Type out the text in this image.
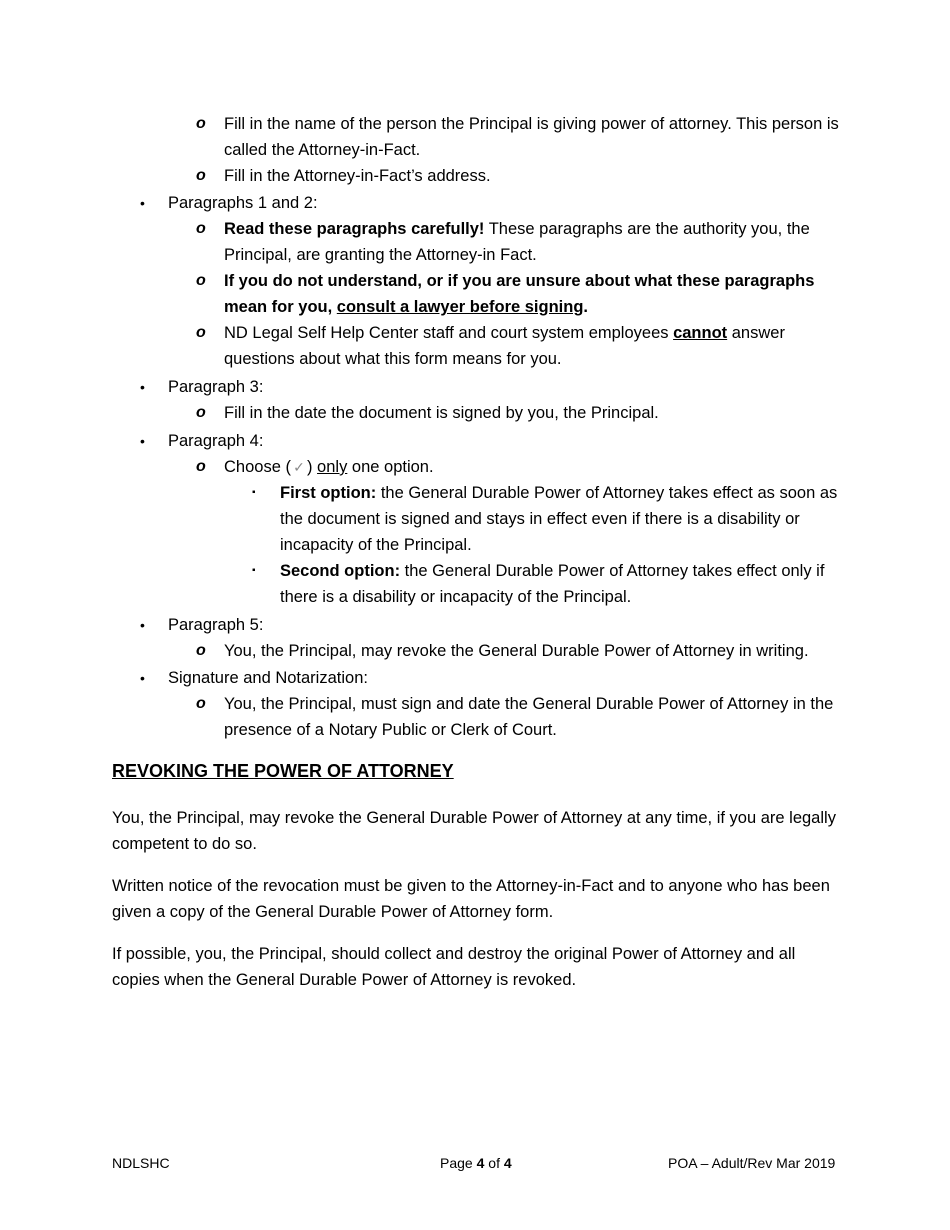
o Fill in the name of the person the Principal is giving power of attorney. This person is called the Attorney-in-Fact.
o Fill in the Attorney-in-Fact’s address.
• Paragraphs 1 and 2:
o Read these paragraphs carefully! These paragraphs are the authority you, the Principal, are granting the Attorney-in Fact.
o If you do not understand, or if you are unsure about what these paragraphs mean for you, consult a lawyer before signing.
o ND Legal Self Help Center staff and court system employees cannot answer questions about what this form means for you.
• Paragraph 3:
o Fill in the date the document is signed by you, the Principal.
• Paragraph 4:
o Choose ( ✓ ) only one option.
▪ First option: the General Durable Power of Attorney takes effect as soon as the document is signed and stays in effect even if there is a disability or incapacity of the Principal.
▪ Second option: the General Durable Power of Attorney takes effect only if there is a disability or incapacity of the Principal.
• Paragraph 5:
o You, the Principal, may revoke the General Durable Power of Attorney in writing.
• Signature and Notarization:
o You, the Principal, must sign and date the General Durable Power of Attorney in the presence of a Notary Public or Clerk of Court.
REVOKING THE POWER OF ATTORNEY
You, the Principal, may revoke the General Durable Power of Attorney at any time, if you are legally competent to do so.
Written notice of the revocation must be given to the Attorney-in-Fact and to anyone who has been given a copy of the General Durable Power of Attorney form.
If possible, you, the Principal, should collect and destroy the original Power of Attorney and all copies when the General Durable Power of Attorney is revoked.
NDLSHC	Page 4 of 4	POA – Adult/Rev Mar 2019
